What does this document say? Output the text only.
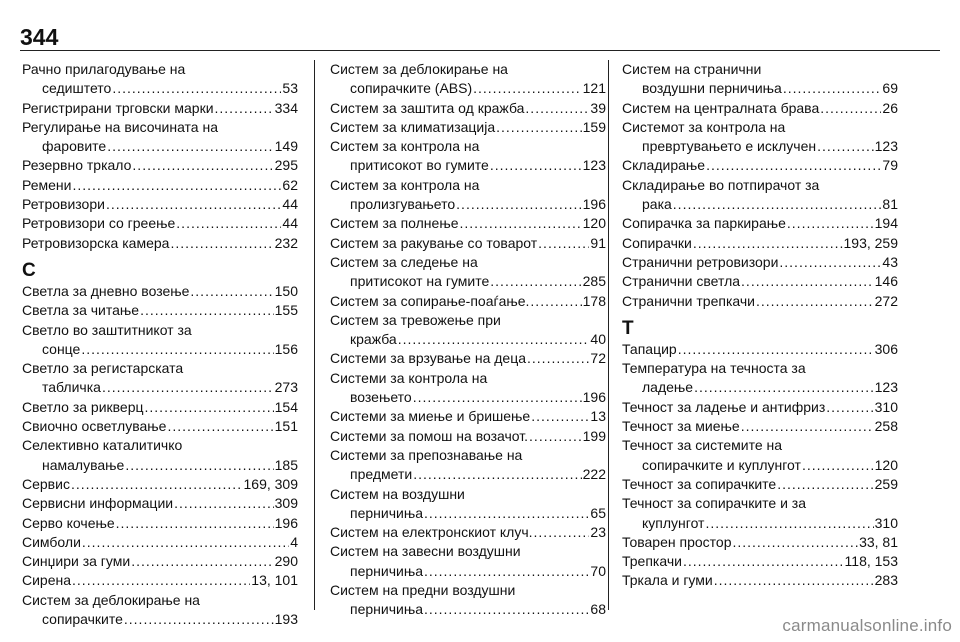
344
Рачно прилагодување на
седиштето .....	53
Регистрирани трговски марки .....	334
Регулирање на височината на
фаровите .....	149
Резервно тркало .....	295
Ремени .....	62
Ретровизори .....	44
Ретровизори со греење .....	44
Ретровизорска камера .....	232
С
Светла за дневно возење .....	150
Светла за читање .....	155
Светло во заштитникот за
сонце .....	156
Светло за регистарската
табличка .....	273
Светло за рикверц .....	154
Свиочно осветлување .....	151
Селективно каталитичко
намалување .....	185
Сервис .....	169, 309
Сервисни информации .....	309
Серво кочење .....	196
Симболи .....	4
Синџири за гуми .....	290
Сирена .....	13, 101
Систем за деблокирање на
сопирачките .....	193
Систем за деблокирање на
сопирачките (ABS) .....	121
Систем за заштита од кражба .....	39
Систем за климатизација .....	159
Систем за контрола на
притисокот во гумите .....	123
Систем за контрола на
пролизгувањето .....	196
Систем за полнење .....	120
Систем за ракување со товарот .....	91
Систем за следење на
притисокот на гумите .....	285
Систем за сопирање-поаѓање. .....	178
Систем за тревожење при
кражба .....	40
Системи за врзување на деца .....	72
Системи за контрола на
возењето .....	196
Системи за миење и бришење .....	13
Системи за помош на возачот. .....	199
Системи за препознавање на
предмети .....	222
Систем на воздушни
перничиња .....	65
Систем на електронскиот клуч. .....	23
Систем на завесни воздушни
перничиња .....	70
Систем на предни воздушни
перничиња .....	68
Систем на странични
воздушни перничиња .....	69
Систем на централната брава .....	26
Системот за контрола на
превртувањето е исклучен .....	123
Складирање .....	79
Складирање во потпирачот за
рака .....	81
Сопирачка за паркирање .....	194
Сопирачки .....	193, 259
Странични ретровизори .....	43
Странични светла .....	146
Странични трепкачи .....	272
Т
Тапацир .....	306
Температура на течноста за
ладење .....	123
Течност за ладење и антифриз .....	310
Течност за миење .....	258
Течност за системите на
сопирачките и куплунгот .....	120
Течност за сопирачките .....	259
Течност за сопирачките и за
куплунгот .....	310
Товарен простор .....	33, 81
Трепкачи .....	118, 153
Тркала и гуми .....	283
carmanualsonline.info
